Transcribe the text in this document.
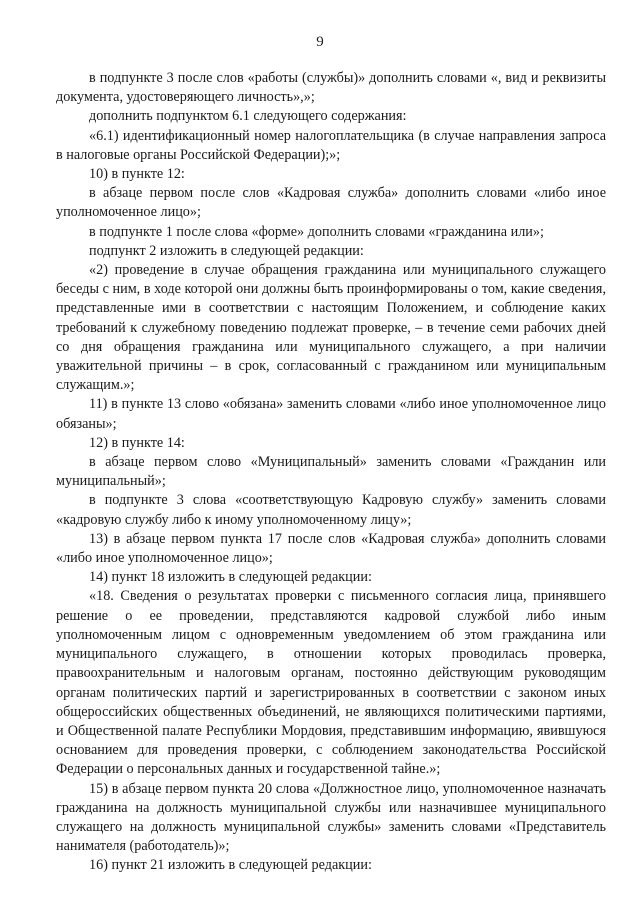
9

в подпункте 3 после слов «работы (службы)» дополнить словами «, вид и реквизиты документа, удостоверяющего личность»,»;

дополнить подпунктом 6.1 следующего содержания:

«6.1) идентификационный номер налогоплательщика (в случае направления запроса в налоговые органы Российской Федерации);»;

10) в пункте 12:

в абзаце первом после слов «Кадровая служба» дополнить словами «либо иное уполномоченное лицо»;

в подпункте 1 после слова «форме» дополнить словами «гражданина или»;

подпункт 2 изложить в следующей редакции:

«2) проведение в случае обращения гражданина или муниципального служащего беседы с ним, в ходе которой они должны быть проинформированы о том, какие сведения, представленные ими в соответствии с настоящим Положением, и соблюдение каких требований к служебному поведению подлежат проверке, – в течение семи рабочих дней со дня обращения гражданина или муниципального служащего, а при наличии уважительной причины – в срок, согласованный с гражданином или муниципальным служащим.»;

11) в пункте 13 слово «обязана» заменить словами «либо иное уполномоченное лицо обязаны»;

12) в пункте 14:

в абзаце первом слово «Муниципальный» заменить словами «Гражданин или муниципальный»;

в подпункте 3 слова «соответствующую Кадровую службу» заменить словами «кадровую службу либо к иному уполномоченному лицу»;

13) в абзаце первом пункта 17 после слов «Кадровая служба» дополнить словами «либо иное уполномоченное лицо»;

14) пункт 18 изложить в следующей редакции:

«18. Сведения о результатах проверки с письменного согласия лица, принявшего решение о ее проведении, представляются кадровой службой либо иным уполномоченным лицом с одновременным уведомлением об этом гражданина или муниципального служащего, в отношении которых проводилась проверка, правоохранительным и налоговым органам, постоянно действующим руководящим органам политических партий и зарегистрированных в соответствии с законом иных общероссийских общественных объединений, не являющихся политическими партиями, и Общественной палате Республики Мордовия, представившим информацию, явившуюся основанием для проведения проверки, с соблюдением законодательства Российской Федерации о персональных данных и государственной тайне.»;

15) в абзаце первом пункта 20 слова «Должностное лицо, уполномоченное назначать гражданина на должность муниципальной службы или назначившее муниципального служащего на должность муниципальной службы» заменить словами «Представитель нанимателя (работодатель)»;

16) пункт 21 изложить в следующей редакции:
